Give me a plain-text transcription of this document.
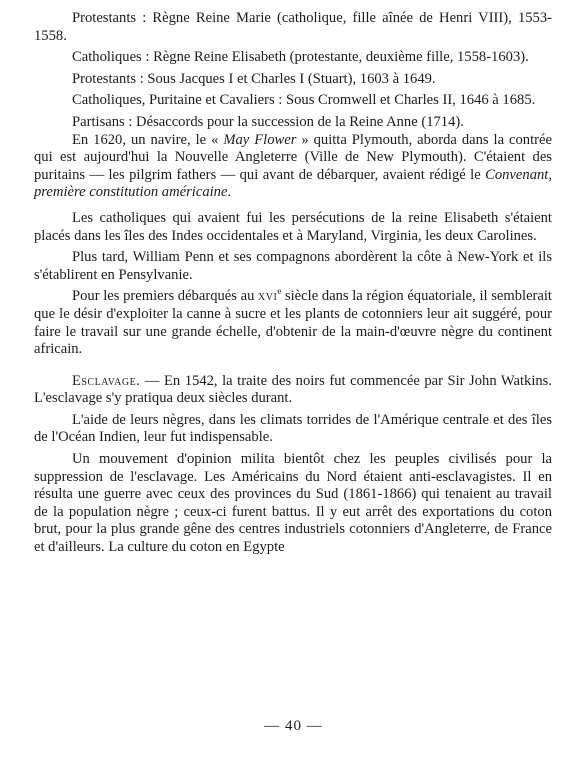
Protestants : Règne Reine Marie (catholique, fille aînée de Henri VIII), 1553-1558.

Catholiques : Règne Reine Elisabeth (protestante, deuxième fille, 1558-1603).

Protestants : Sous Jacques I et Charles I (Stuart), 1603 à 1649.

Catholiques, Puritaine et Cavaliers : Sous Cromwell et Charles II, 1646 à 1685.

Partisans : Désaccords pour la succession de la Reine Anne (1714).

En 1620, un navire, le « May Flower » quitta Plymouth, aborda dans la contrée qui est aujourd'hui la Nouvelle Angleterre (Ville de New Plymouth). C'étaient des puritains — les pilgrim fathers — qui avant de débarquer, avaient rédigé le Convenant, première constitution américaine.

Les catholiques qui avaient fui les persécutions de la reine Elisabeth s'étaient placés dans les îles des Indes occidentales et à Maryland, Virginia, les deux Carolines.

Plus tard, William Penn et ses compagnons abordèrent la côte à New-York et ils s'établirent en Pensylvanie.

Pour les premiers débarqués au xvi$^e$ siècle dans la région équatoriale, il semblerait que le désir d'exploiter la canne à sucre et les plants de cotonniers leur ait suggéré, pour faire le travail sur une grande échelle, d'obtenir de la main-d'œuvre nègre du continent africain.

Esclavage. — En 1542, la traite des noirs fut commencée par Sir John Watkins. L'esclavage s'y pratiqua deux siècles durant.

L'aide de leurs nègres, dans les climats torrides de l'Amérique centrale et des îles de l'Océan Indien, leur fut indispensable.

Un mouvement d'opinion milita bientôt chez les peuples civilisés pour la suppression de l'esclavage. Les Américains du Nord étaient anti-esclavagistes. Il en résulta une guerre avec ceux des provinces du Sud (1861-1866) qui tenaient au travail de la population nègre ; ceux-ci furent battus. Il y eut arrêt des exportations du coton brut, pour la plus grande gêne des centres industriels cotonniers d'Angleterre, de France et d'ailleurs. La culture du coton en Egypte

— 40 —
